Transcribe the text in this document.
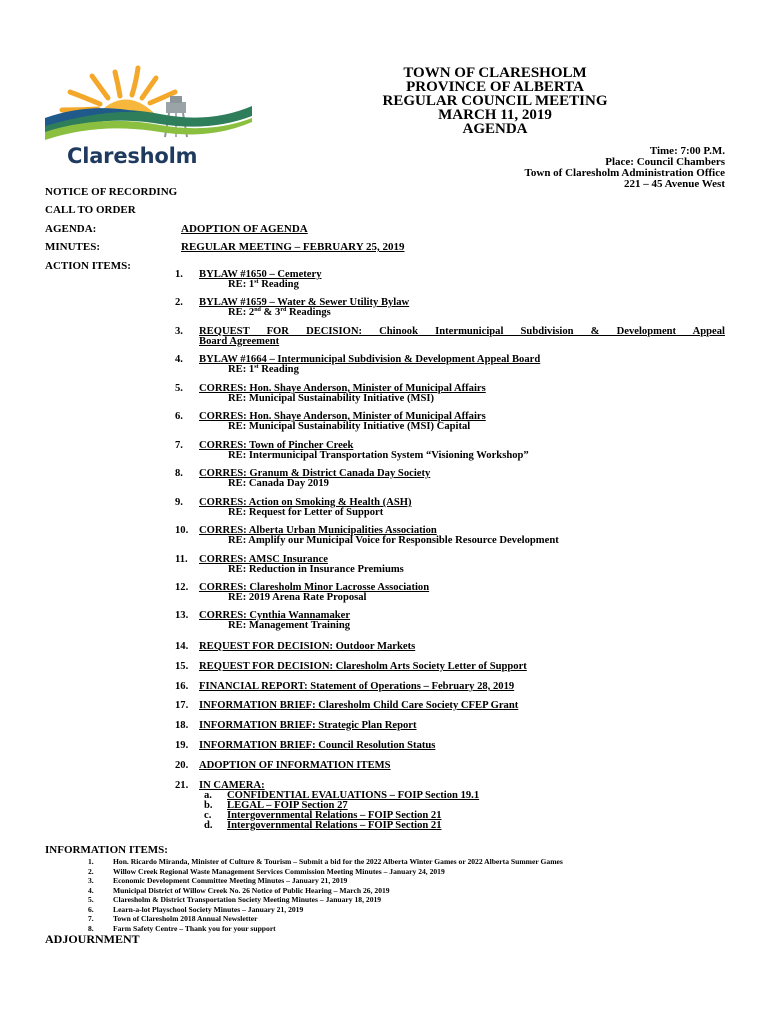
Claresholm
TOWN OF CLARESHOLM
PROVINCE OF ALBERTA
REGULAR COUNCIL MEETING
MARCH 11, 2019
AGENDA
Time: 7:00 P.M.
Place: Council Chambers
Town of Claresholm Administration Office
221 – 45 Avenue West
NOTICE OF RECORDING
CALL TO ORDER
AGENDA:	ADOPTION OF AGENDA
MINUTES:	REGULAR MEETING – FEBRUARY 25, 2019
ACTION ITEMS:
1.	BYLAW #1650 – Cemetery
RE: 1st Reading
2.	BYLAW #1659 – Water & Sewer Utility Bylaw
RE: 2nd & 3rd Readings
3.	REQUEST FOR DECISION: Chinook Intermunicipal Subdivision & Development Appeal
Board Agreement
4.	BYLAW #1664 – Intermunicipal Subdivision & Development Appeal Board
RE: 1st Reading
5.	CORRES: Hon. Shaye Anderson, Minister of Municipal Affairs
RE: Municipal Sustainability Initiative (MSI)
6.	CORRES: Hon. Shaye Anderson, Minister of Municipal Affairs
RE: Municipal Sustainability Initiative (MSI) Capital
7.	CORRES: Town of Pincher Creek
RE: Intermunicipal Transportation System “Visioning Workshop”
8.	CORRES: Granum & District Canada Day Society
RE: Canada Day 2019
9.	CORRES: Action on Smoking & Health (ASH)
RE: Request for Letter of Support
10.	CORRES: Alberta Urban Municipalities Association
RE: Amplify our Municipal Voice for Responsible Resource Development
11.	CORRES: AMSC Insurance
RE: Reduction in Insurance Premiums
12.	CORRES: Claresholm Minor Lacrosse Association
RE: 2019 Arena Rate Proposal
13.	CORRES: Cynthia Wannamaker
RE: Management Training
14.	REQUEST FOR DECISION: Outdoor Markets
15.	REQUEST FOR DECISION: Claresholm Arts Society Letter of Support
16.	FINANCIAL REPORT: Statement of Operations – February 28, 2019
17.	INFORMATION BRIEF: Claresholm Child Care Society CFEP Grant
18.	INFORMATION BRIEF: Strategic Plan Report
19.	INFORMATION BRIEF: Council Resolution Status
20.	ADOPTION OF INFORMATION ITEMS
21.	IN CAMERA:
a. CONFIDENTIAL EVALUATIONS – FOIP Section 19.1
b. LEGAL – FOIP Section 27
c. Intergovernmental Relations – FOIP Section 21
d. Intergovernmental Relations – FOIP Section 21
INFORMATION ITEMS:
1.	Hon. Ricardo Miranda, Minister of Culture & Tourism – Submit a bid for the 2022 Alberta Winter Games or 2022 Alberta Summer Games
2.	Willow Creek Regional Waste Management Services Commission Meeting Minutes – January 24, 2019
3.	Economic Development Committee Meeting Minutes – January 21, 2019
4.	Municipal District of Willow Creek No. 26 Notice of Public Hearing – March 26, 2019
5.	Claresholm & District Transportation Society Meeting Minutes – January 18, 2019
6.	Learn-a-lot Playschool Society Minutes – January 21, 2019
7.	Town of Claresholm 2018 Annual Newsletter
8.	Farm Safety Centre – Thank you for your support
ADJOURNMENT
